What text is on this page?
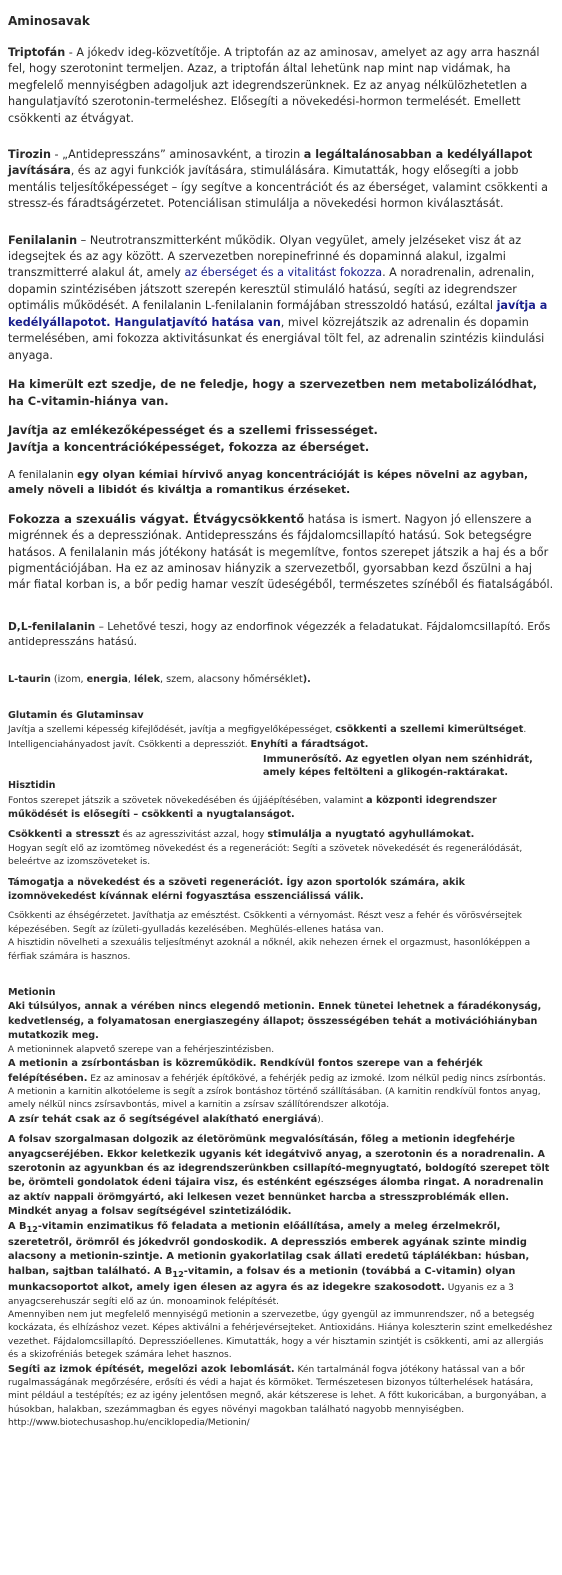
Aminosavak

Triptofán - A jókedv ideg-közvetítője. A triptofán az az aminosav, amelyet az agy arra használ fel, hogy szerotonint termeljen. Azaz, a triptofán által lehetünk nap mint nap vidámak, ha megfelelő mennyiségben adagoljuk azt idegrendszerünknek. Ez az anyag nélkülözhetetlen a hangulatjavító szerotonin-termeléshez. Elősegíti a növekedési-hormon termelését. Emellett csökkenti az étvágyat.

Tirozin - „Antidepresszáns” aminosavként, a tirozin a legáltalánosabban a kedélyállapot javítására, és az agyi funkciók javítására, stimulálására. Kimutatták, hogy elősegíti a jobb mentális teljesítőképességet – így segítve a koncentrációt és az éberséget, valamint csökkenti a stressz-és fáradtságérzetet. Potenciálisan stimulálja a növekedési hormon kiválasztását.

Fenilalanin – Neutrotranszmitterként működik. Olyan vegyület, amely jelzéseket visz át az idegsejtek és az agy között. A szervezetben norepinefrinné és dopaminná alakul, izgalmi transzmitterré alakul át, amely az éberséget és a vitalitást fokozza. A noradrenalin, adrenalin, dopamin szintézisében játszott szerepén keresztül stimuláló hatású, segíti az idegrendszer optimális működését. A fenilalanin L-fenilalanin formájában stresszoldó hatású, ezáltal javítja a kedélyállapotot. Hangulatjavító hatása van, mivel közrejátszik az adrenalin és dopamin termelésében, ami fokozza aktivitásunkat és energiával tölt fel, az adrenalin szintézis kiindulási anyaga.

Ha kimerült ezt szedje, de ne feledje, hogy a szervezetben nem metabolizálódhat, ha C-vitamin-hiánya van.

Javítja az emlékezőképességet és a szellemi frissességet.

Javítja a koncentrációképességet, fokozza az éberséget.

A fenilalanin egy olyan kémiai hírvivő anyag koncentrációját is képes növelni az agyban, amely növeli a libidót és kiváltja a romantikus érzéseket.

Fokozza a szexuális vágyat. Étvágycsökkentő hatása is ismert. Nagyon jó ellenszere a migrénnek és a depressziónak. Antidepresszáns és fájdalomcsillapító hatású. Sok betegségre hatásos. A fenilalanin más jótékony hatását is megemlítve, fontos szerepet játszik a haj és a bőr pigmentációjában. Ha ez az aminosav hiányzik a szervezetből, gyorsabban kezd őszülni a haj már fiatal korban is, a bőr pedig hamar veszít üdeségéből, természetes színéből és fiatalságából.

D,L-fenilalanin – Lehetővé teszi, hogy az endorfinok végezzék a feladatukat. Fájdalomcsillapító. Erős antidepresszáns hatású.

L-taurin (izom, energia, lélek, szem, alacsony hőmérséklet).

Glutamin és Glutaminsav

Javítja a szellemi képesség kifejlődését, javítja a megfigyelőképességet, csökkenti a szellemi kimerültséget. Intelligenciahányadost javít. Csökkenti a depressziót. Enyhíti a fáradtságot.

Immunerősítő. Az egyetlen olyan nem szénhidrát, amely képes feltölteni a glikogén-raktárakat.

Hisztidin

Fontos szerepet játszik a szövetek növekedésében és újjáépítésében, valamint a központi idegrendszer működését is elősegíti – csökkenti a nyugtalanságot.

Csökkenti a stresszt és az agresszivitást azzal, hogy stimulálja a nyugtató agyhullámokat.

Hogyan segít elő az izomtömeg növekedést és a regenerációt: Segíti a szövetek növekedését és regenerálódását, beleértve az izomszöveteket is.

Támogatja a növekedést és a szöveti regenerációt. Így azon sportolók számára, akik izomnövekedést kívánnak elérni fogyasztása esszenciálissá válik.

Csökkenti az éhségérzetet. Javíthatja az emésztést. Csökkenti a vérnyomást. Részt vesz a fehér és vörösvérsejtek képezésében. Segít az ízületi-gyulladás kezelésében. Meghülés-ellenes hatása van.

A hisztidin növelheti a szexuális teljesítményt azoknál a nőknél, akik nehezen érnek el orgazmust, hasonlóképpen a férfiak számára is hasznos.

Metionin

Aki túlsúlyos, annak a vérében nincs elegendő metionin. Ennek tünetei lehetnek a fáradékonyság, kedvetlenség, a folyamatosan energiaszegény állapot; összességében tehát a motivációhiányban mutatkozik meg.

A metioninnek alapvető szerepe van a fehérjeszintézisben.

A metionin a zsírbontásban is közreműködik. Rendkívül fontos szerepe van a fehérjék felépítésében. Ez az aminosav a fehérjék építőkövé, a fehérjék pedig az izmoké. Izom nélkül pedig nincs zsírbontás. A metionin a karnitin alkotóeleme is segít a zsírok bontáshoz történő szállításában. (A karnitin rendkívül fontos anyag, amely nélkül nincs zsírsavbontás, mivel a karnitin a zsírsav szállítórendszer alkotója.

A zsír tehát csak az ő segítségével alakítható energiává).

A folsav szorgalmasan dolgozik az életörömünk megvalósításán, főleg a metionin idegfehérje anyagcseréjében. Ekkor keletkezik ugyanis két idegátvivő anyag, a szerotonin és a noradrenalin. A szerotonin az agyunkban és az idegrendszerünkben csillapító-megnyugtató, boldogító szerepet tölt be, örömteli gondolatok édeni tájaira visz, és esténként egészséges álomba ringat. A noradrenalin az aktív nappali örömgyártó, aki lelkesen vezet bennünket harcba a stresszproblémák ellen. Mindkét anyag a folsav segítségével szintetizálódik.

A $B_{12}$-vitamin enzimatikus fő feladata a metionin előállítása, amely a meleg érzelmekről, szeretetről, örömről és jókedvről gondoskodik. A depressziós emberek agyának szinte mindig alacsony a metionin-szintje. A metionin gyakorlatilag csak állati eredetű táplálékban: húsban, halban, sajtban található. A $B_{12}$-vitamin, a folsav és a metionin (továbbá a C-vitamin) olyan munkacsoportot alkot, amely igen élesen az agyra és az idegekre szakosodott. Ugyanis ez a 3 anyagcserehuszár segíti elő az ún. monoaminok felépítését.

Amennyiben nem jut megfelelő mennyiségű metionin a szervezetbe, úgy gyengül az immunrendszer, nő a betegség kockázata, és elhízáshoz vezet. Képes aktiválni a fehérjevérsejteket. Antioxidáns. Hiánya koleszterin szint emelkedéshez vezethet. Fájdalomcsillapító. Depresszióellenes. Kimutatták, hogy a vér hisztamin szintjét is csökkenti, ami az allergiás és a skizofréniás betegek számára lehet hasznos.

Segíti az izmok építését, megelőzi azok lebomlását. Kén tartalmánál fogva jótékony hatással van a bőr rugalmasságának megőrzésére, erősíti és védi a hajat és körmöket. Természetesen bizonyos túlterhelések hatására, mint például a testépítés; ez az igény jelentősen megnő, akár kétszerese is lehet. A főtt kukoricában, a burgonyában, a húsokban, halakban, szezámmagban és egyes növényi magokban található nagyobb mennyiségben. http://www.biotechusashop.hu/enciklopedia/Metionin/
